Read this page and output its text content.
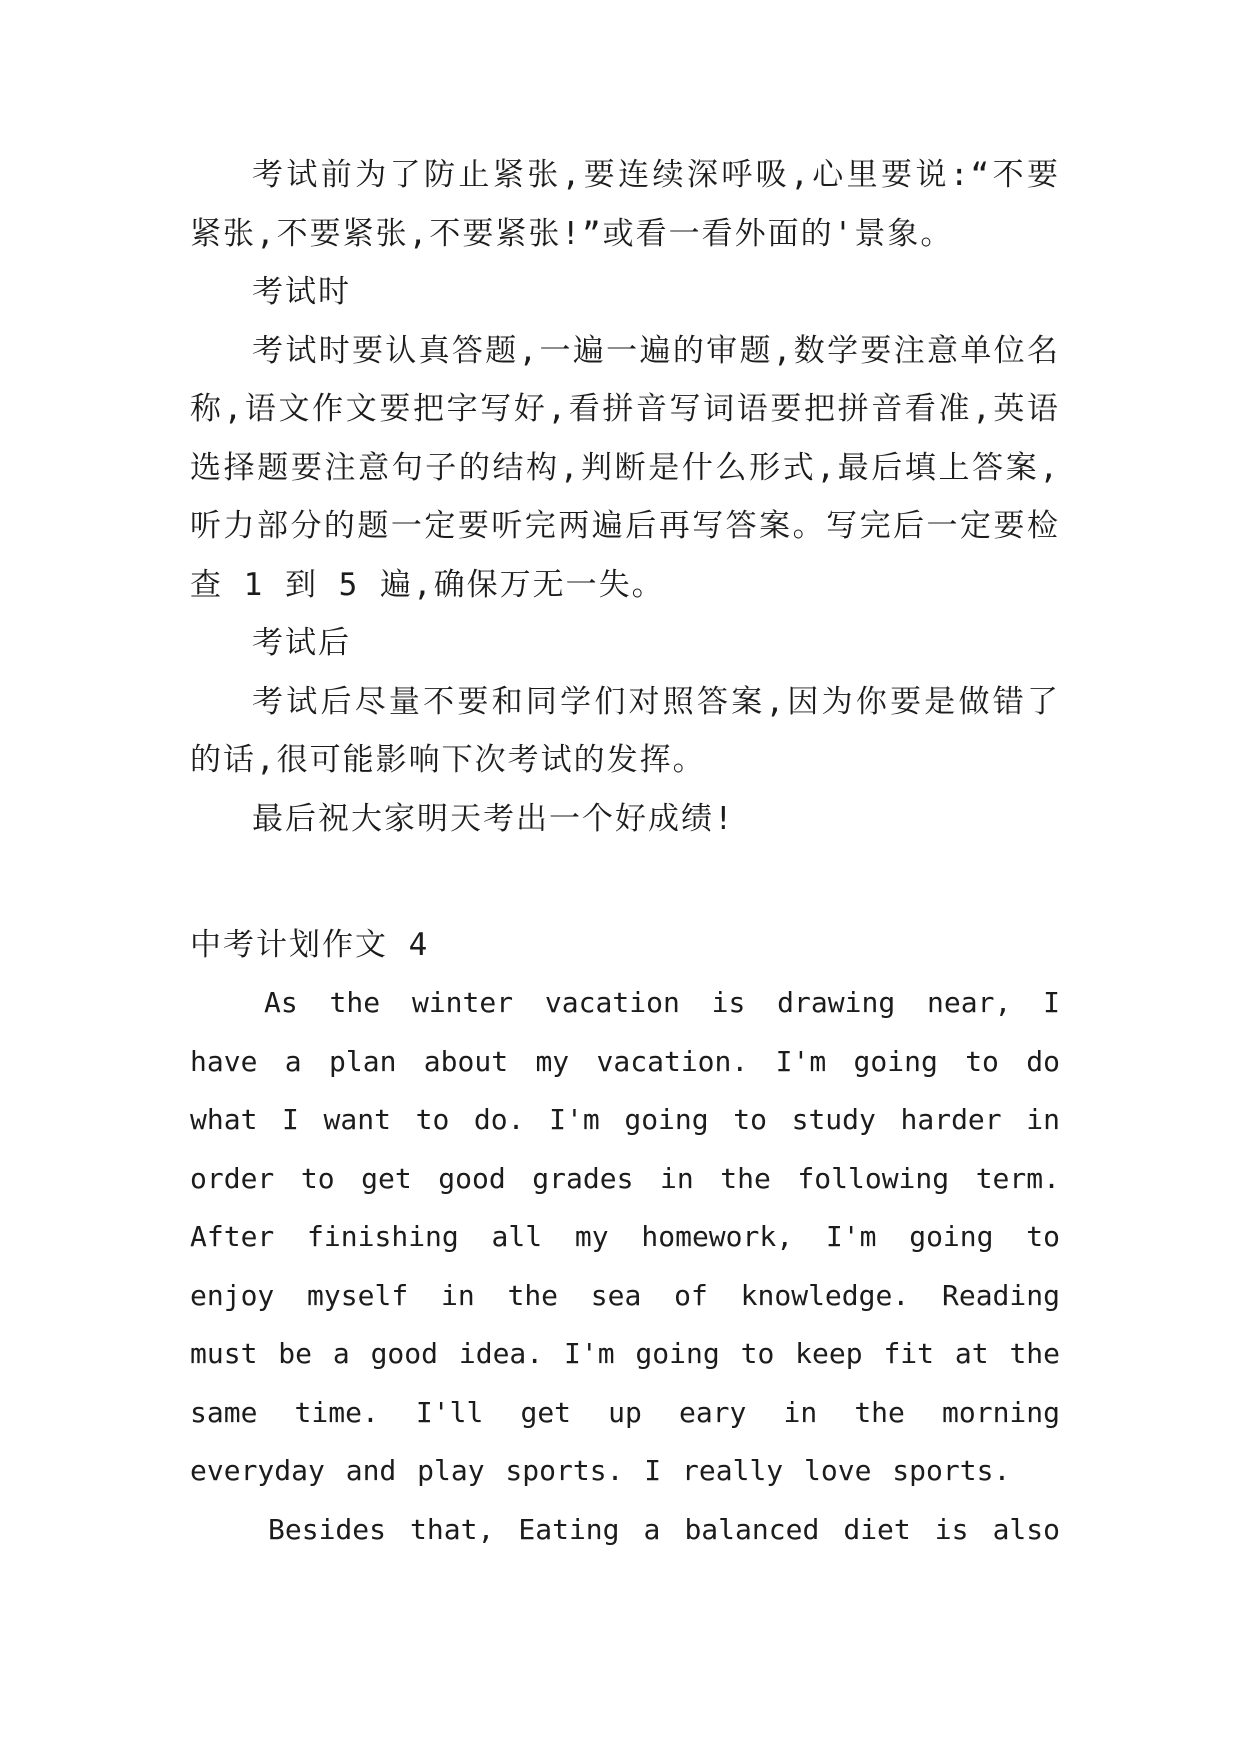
考试前为了防止紧张,要连续深呼吸,心里要说:“不要紧张,不要紧张,不要紧张!”或看一看外面的'景象。

考试时

考试时要认真答题,一遍一遍的审题,数学要注意单位名称,语文作文要把字写好,看拼音写词语要把拼音看准,英语选择题要注意句子的结构,判断是什么形式,最后填上答案,听力部分的题一定要听完两遍后再写答案。写完后一定要检查 1 到 5 遍,确保万无一失。

考试后

考试后尽量不要和同学们对照答案,因为你要是做错了的话,很可能影响下次考试的发挥。

最后祝大家明天考出一个好成绩!

中考计划作文 4

As the winter vacation is drawing near, I have a plan about my vacation. I'm going to do what I want to do. I'm going to study harder in order to get good grades in the following term. After finishing all my homework, I'm going to enjoy myself in the sea of knowledge. Reading must be a good idea. I'm going to keep fit at the same time. I'll get up eary in the morning everyday and play sports. I really love sports.

Besides that, Eating a balanced diet is also
